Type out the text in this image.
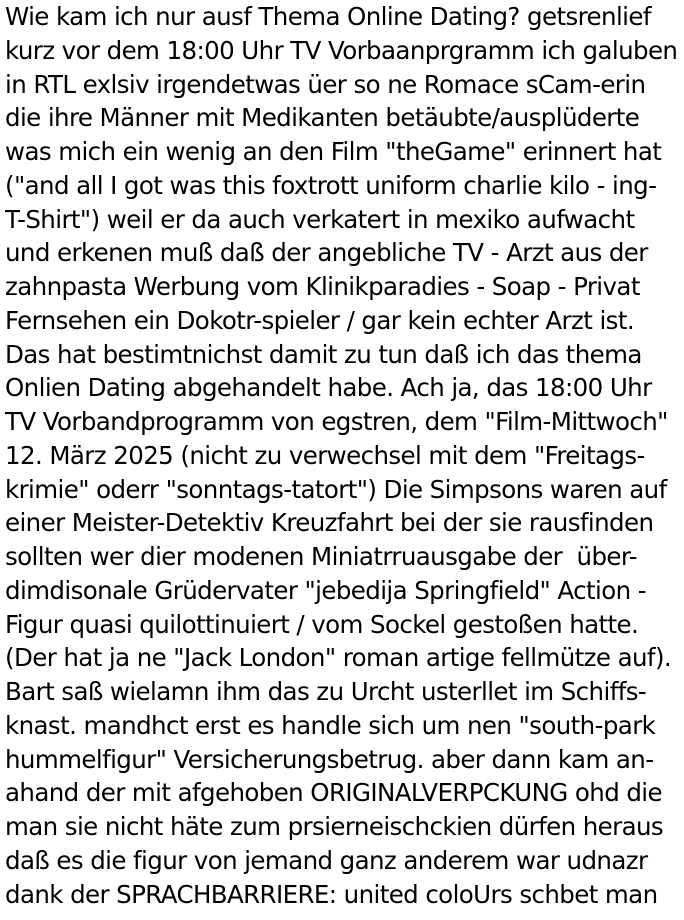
Wie kam ich nur ausf Thema Online Dating? getsrenlief
kurz vor dem 18:00 Uhr TV Vorbaanprgramm ich galuben
in RTL exlsiv irgendetwas üer so ne Romace sCam-erin
die ihre Männer mit Medikanten betäubte/ausplüderte
was mich ein wenig an den Film "theGame" erinnert hat
("and all I got was this foxtrott uniform charlie kilo - ing-
T-Shirt") weil er da auch verkatert in mexiko aufwacht
und erkenen muß daß der angebliche TV - Arzt aus der
zahnpasta Werbung vom Klinikparadies - Soap - Privat
Fernsehen ein Dokotr-spieler / gar kein echter Arzt ist.
Das hat bestimtnichst damit zu tun daß ich das thema
Onlien Dating abgehandelt habe. Ach ja, das 18:00 Uhr
TV Vorbandprogramm von egstren, dem "Film-Mittwoch"
12. März 2025 (nicht zu verwechsel mit dem "Freitags-
krimie" oderr "sonntags-tatort") Die Simpsons waren auf
einer Meister-Detektiv Kreuzfahrt bei der sie rausfinden
sollten wer dier modenen Miniatrruausgabe der  über-
dimdisonale Grüdervater "jebedija Springfield" Action -
Figur quasi quilottinuiert / vom Sockel gestoßen hatte.
(Der hat ja ne "Jack London" roman artige fellmütze auf).
Bart saß wielamn ihm das zu Urcht usterllet im Schiffs-
knast. mandhct erst es handle sich um nen "south-park
hummelfigur" Versicherungsbetrug. aber dann kam an-
ahand der mit afgehoben ORIGINALVERPCKUNG ohd die
man sie nicht häte zum prsierneischckien dürfen heraus
daß es die figur von jemand ganz anderem war udnazr
dank der SPRACHBARRIERE: united coloUrs schbet man
